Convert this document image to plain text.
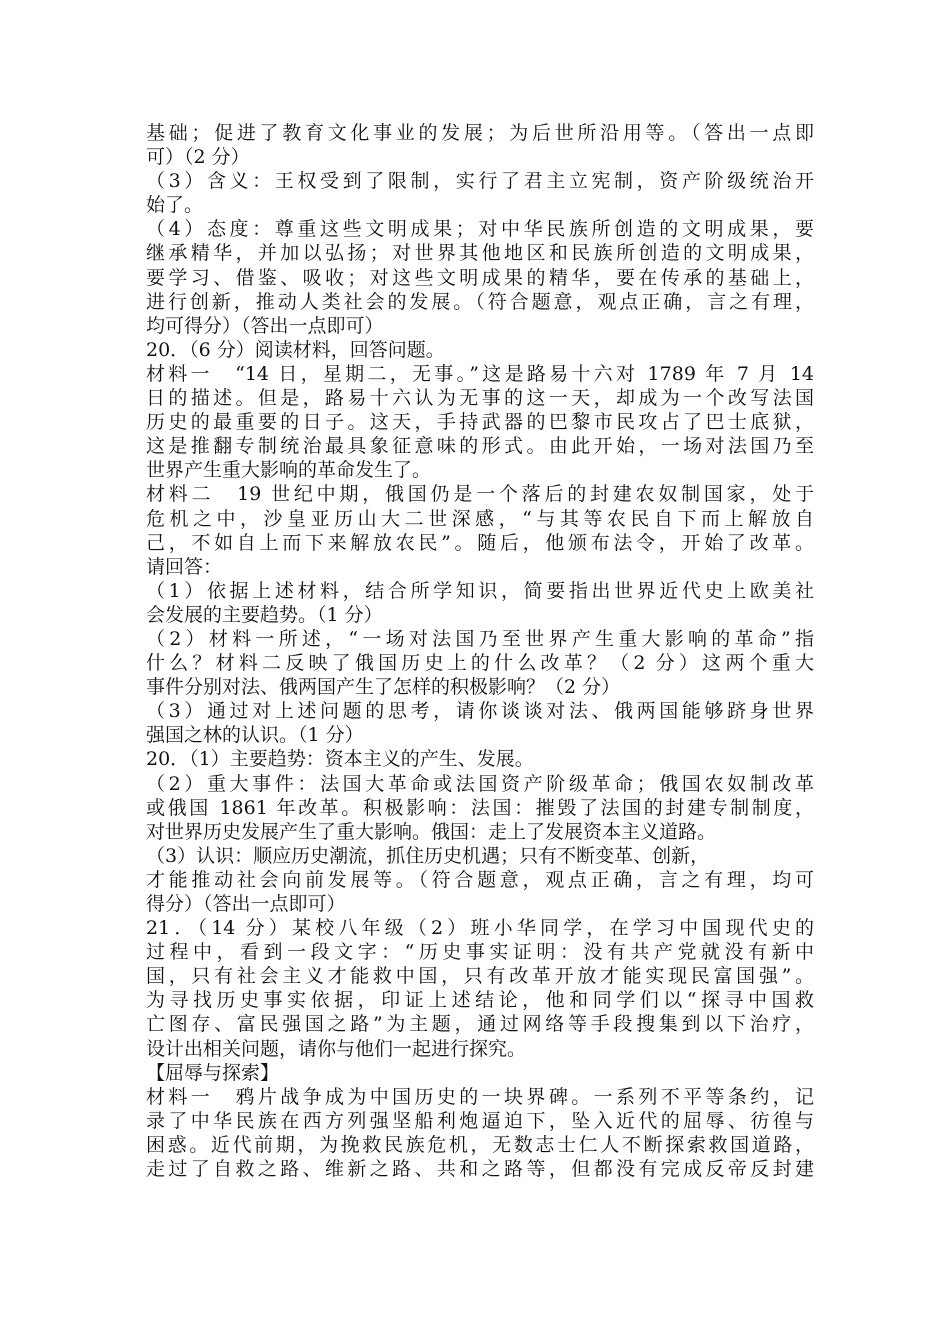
基础；促进了教育文化事业的发展；为后世所沿用等。（答出一点即
可）（2 分）
（3）含义：王权受到了限制，实行了君主立宪制，资产阶级统治开
始了。
（4）态度：尊重这些文明成果；对中华民族所创造的文明成果，要
继承精华，并加以弘扬；对世界其他地区和民族所创造的文明成果，
要学习、借鉴、吸收；对这些文明成果的精华，要在传承的基础上，
进行创新，推动人类社会的发展。（符合题意，观点正确，言之有理，
均可得分）（答出一点即可）
20．（6 分）阅读材料，回答问题。
材料一　“14 日，星期二，无事。”这是路易十六对 1789 年 7 月 14
日的描述。但是，路易十六认为无事的这一天，却成为一个改写法国
历史的最重要的日子。这天，手持武器的巴黎市民攻占了巴士底狱，
这是推翻专制统治最具象征意味的形式。由此开始，一场对法国乃至
世界产生重大影响的革命发生了。
材料二　19 世纪中期，俄国仍是一个落后的封建农奴制国家，处于
危机之中，沙皇亚历山大二世深感，“与其等农民自下而上解放自
己，不如自上而下来解放农民”。随后，他颁布法令，开始了改革。
请回答：
（1）依据上述材料，结合所学知识，简要指出世界近代史上欧美社
会发展的主要趋势。（1 分）
（2）材料一所述，“一场对法国乃至世界产生重大影响的革命”指
什么？材料二反映了俄国历史上的什么改革？（2 分）这两个重大
事件分别对法、俄两国产生了怎样的积极影响？（2 分）
（3）通过对上述问题的思考，请你谈谈对法、俄两国能够跻身世界
强国之林的认识。（1 分）
20．（1）主要趋势：资本主义的产生、发展。
（2）重大事件：法国大革命或法国资产阶级革命；俄国农奴制改革
或俄国 1861 年改革。积极影响：法国：摧毁了法国的封建专制制度，
对世界历史发展产生了重大影响。俄国：走上了发展资本主义道路。
（3）认识：顺应历史潮流，抓住历史机遇；只有不断变革、创新，
才能推动社会向前发展等。（符合题意，观点正确，言之有理，均可
得分）（答出一点即可）
21．（14 分）某校八年级（2）班小华同学，在学习中国现代史的
过程中，看到一段文字：“历史事实证明：没有共产党就没有新中
国，只有社会主义才能救中国，只有改革开放才能实现民富国强”。
为寻找历史事实依据，印证上述结论，他和同学们以“探寻中国救
亡图存、富民强国之路”为主题，通过网络等手段搜集到以下治疗，
设计出相关问题，请你与他们一起进行探究。
【屈辱与探索】
材料一　鸦片战争成为中国历史的一块界碑。一系列不平等条约，记
录了中华民族在西方列强坚船利炮逼迫下，坠入近代的屈辱、彷徨与
困惑。近代前期，为挽救民族危机，无数志士仁人不断探索救国道路，
走过了自救之路、维新之路、共和之路等，但都没有完成反帝反封建
